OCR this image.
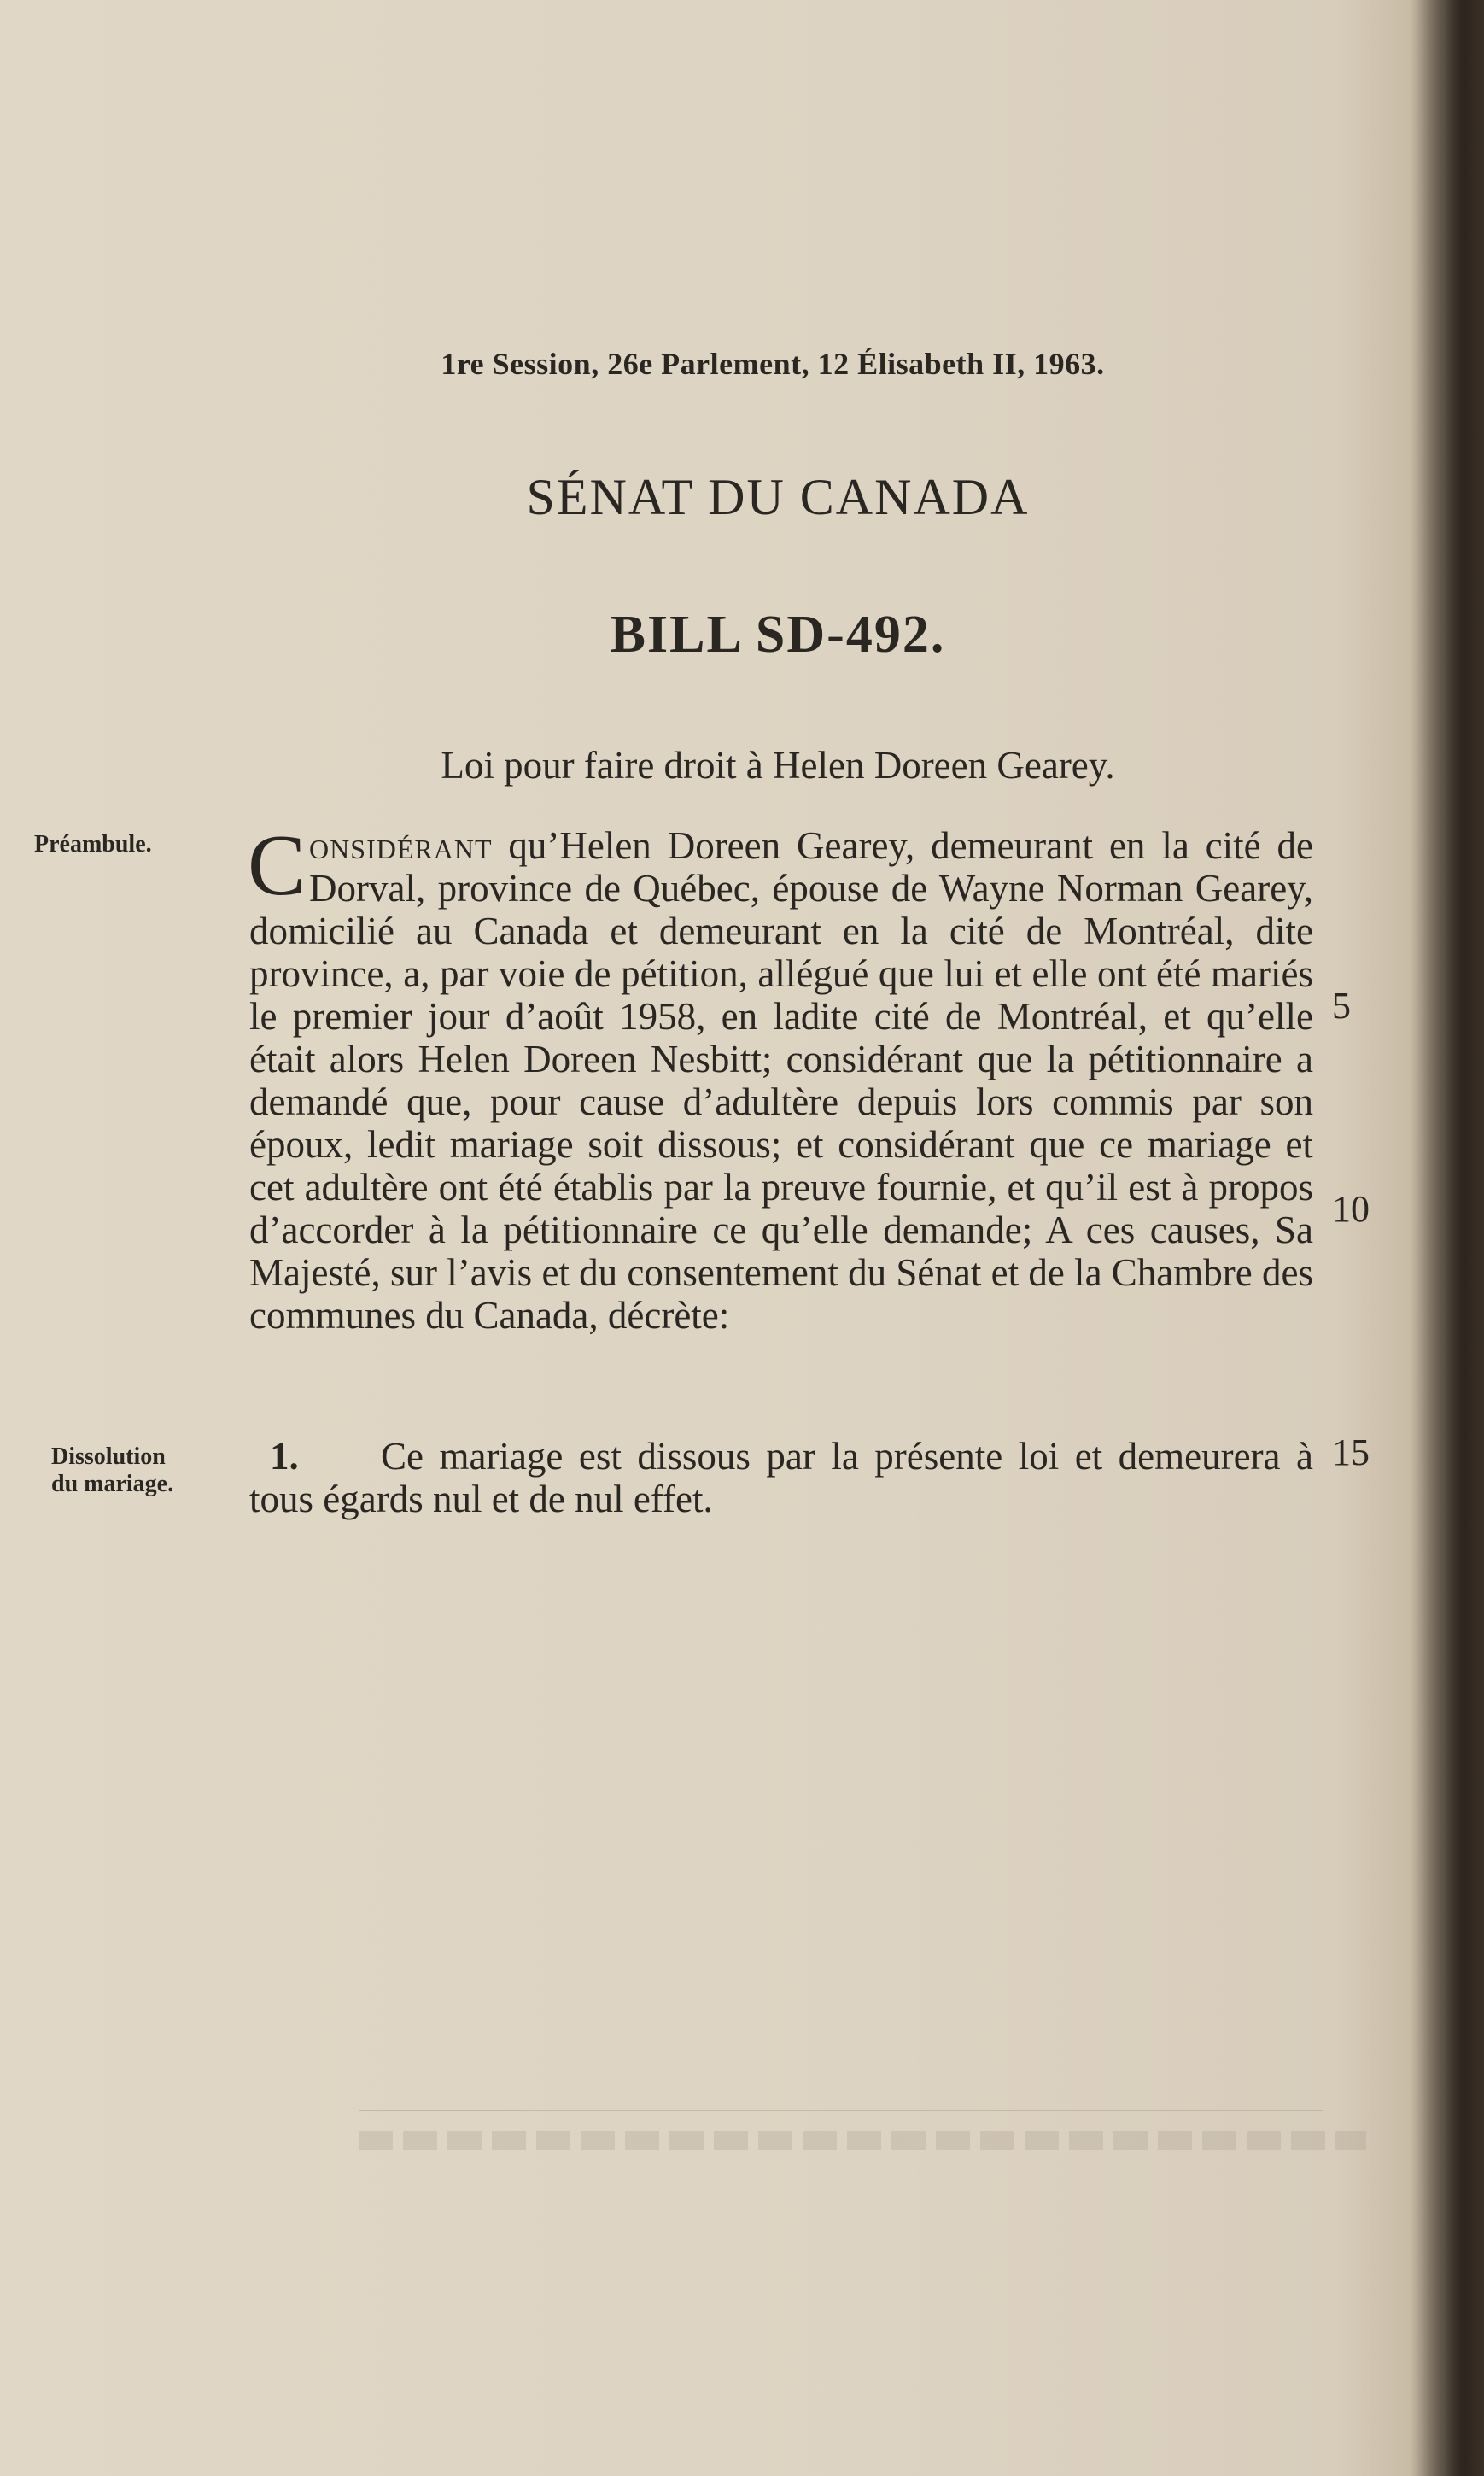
1re Session, 26e Parlement, 12 Élisabeth II, 1963.
SÉNAT DU CANADA
BILL SD-492.
Loi pour faire droit à Helen Doreen Gearey.
Préambule.	Considérant qu’Helen Doreen Gearey, demeurant en la cité de Dorval, province de Québec, épouse de Wayne Norman Gearey, domicilié au Canada et demeurant en la cité de Montréal, dite province, a, par voie de pétition, allégué que lui et elle ont été mariés le premier jour d’août 1958, en ladite cité de Montréal, et qu’elle était alors Helen Doreen Nesbitt; considérant que la pétitionnaire a demandé que, pour cause d’adultère depuis lors commis par son époux, ledit mariage soit dissous; et considérant que ce mariage et cet adultère ont été établis par la preuve fournie, et qu’il est à propos d’accorder à la pétitionnaire ce qu’elle demande; A ces causes, Sa Majesté, sur l’avis et du consentement du Sénat et de la Chambre des communes du Canada, décrète:
5
10
15
Dissolution
du mariage.
1. Ce mariage est dissous par la présente loi et demeurera à tous égards nul et de nul effet.
